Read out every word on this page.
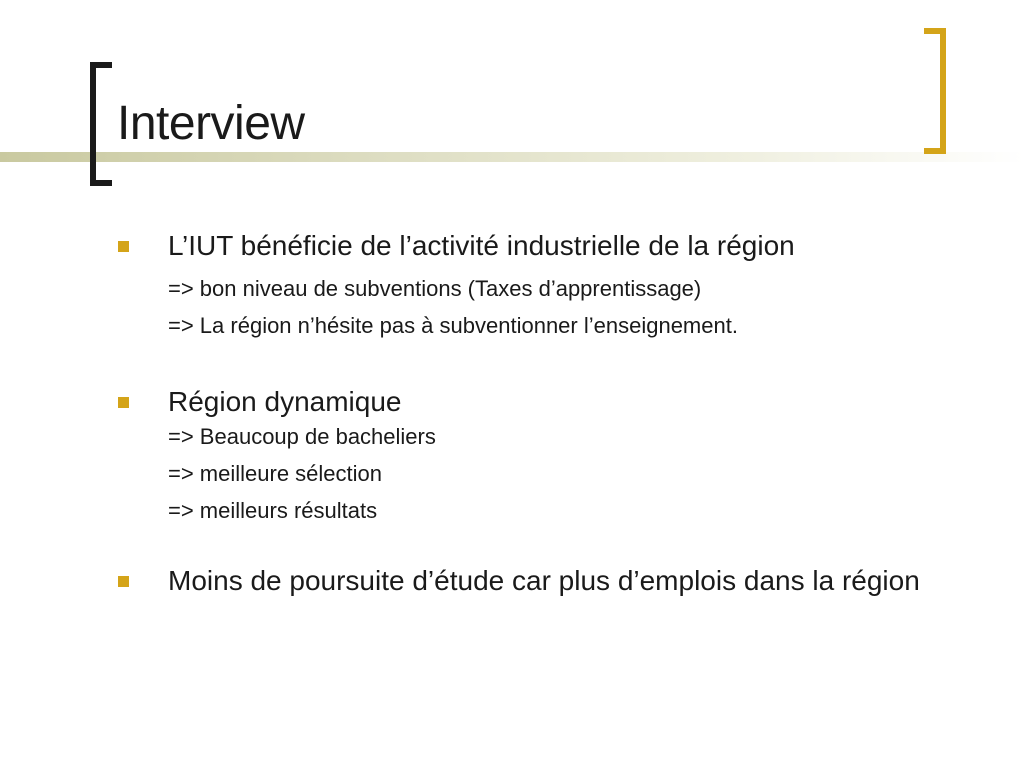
Interview

L’IUT bénéficie de l’activité industrielle de la région

=> bon niveau de subventions (Taxes d’apprentissage)

=> La région n’hésite pas à subventionner l’enseignement.

Région dynamique

=> Beaucoup de bacheliers

=> meilleure sélection

=> meilleurs résultats

Moins de poursuite d’étude car plus d’emplois dans la région
